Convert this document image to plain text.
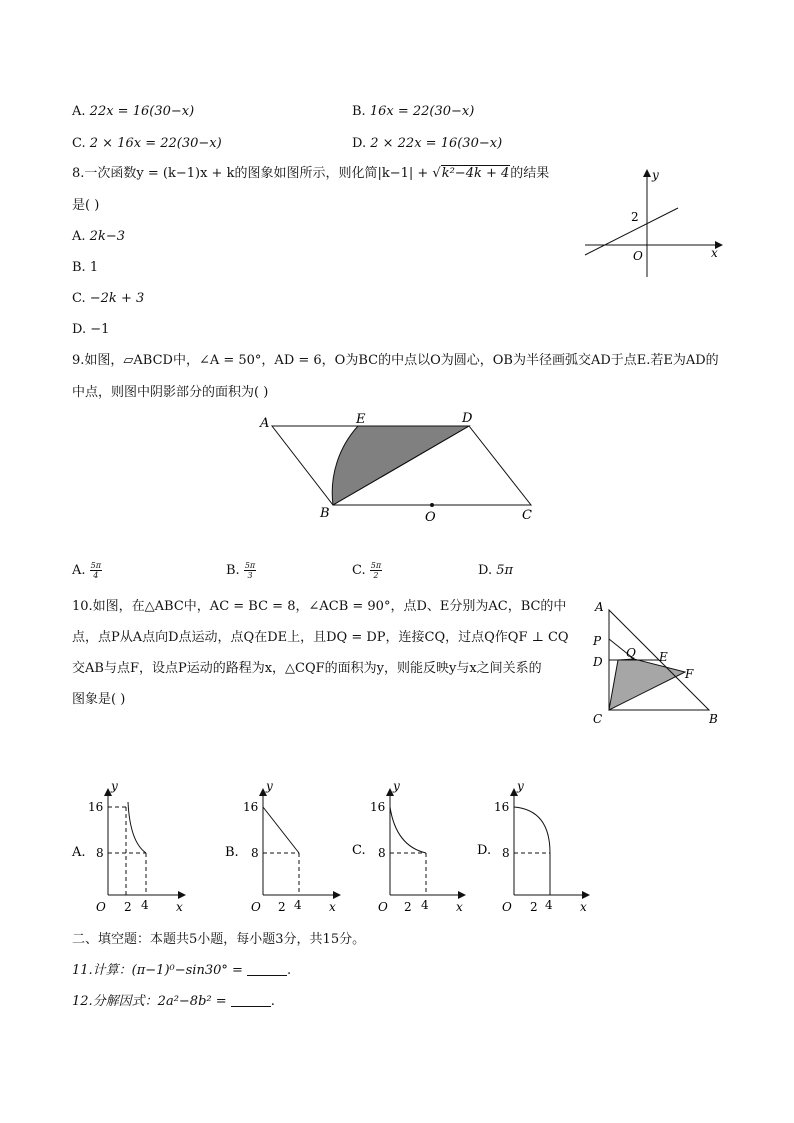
A. 22x = 16(30−x)	B. 16x = 22(30−x)
C. 2 × 16x = 22(30−x)	D. 2 × 22x = 16(30−x)
8.一次函数y = (k−1)x + k的图象如图所示，则化简|k−1| + √k²−4k + 4的结果
是( )
A. 2k−3
B. 1
C. −2k + 3
D. −1
y
x
2
O
9.如图，▱ABCD中，∠A = 50°，AD = 6，O为BC的中点以O为圆心，OB为半径画弧交AD于点E.若E为AD的
中点，则图中阴影部分的面积为( )
A	E	D
B	O	C
A. $\frac{5\pi}{4}$	B. $\frac{5\pi}{3}$	C. $\frac{5\pi}{2}$	D. 5π
10.如图，在△ABC中，AC = BC = 8，∠ACB = 90°，点D、E分别为AC，BC的中
点，点P从A点向D点运动，点Q在DE上，且DQ = DP，连接CQ，过点Q作QF ⊥ CQ
交AB与点F，设点P运动的路程为x，△CQF的面积为y，则能反映y与x之间关系的
图象是( )
A
P
D
Q E
F
C	B
A.
y
16
8
O 2 4 x
B.
y
16
8
O 2 4 x
C.
y
16
8
O 2 4 x
D.
y
16
8
O 2 4 x
二、填空题：本题共5小题，每小题3分，共15分。
11.计算：(π−1)⁰−sin30° =	.
12.分解因式：2a²−8b² =	.
